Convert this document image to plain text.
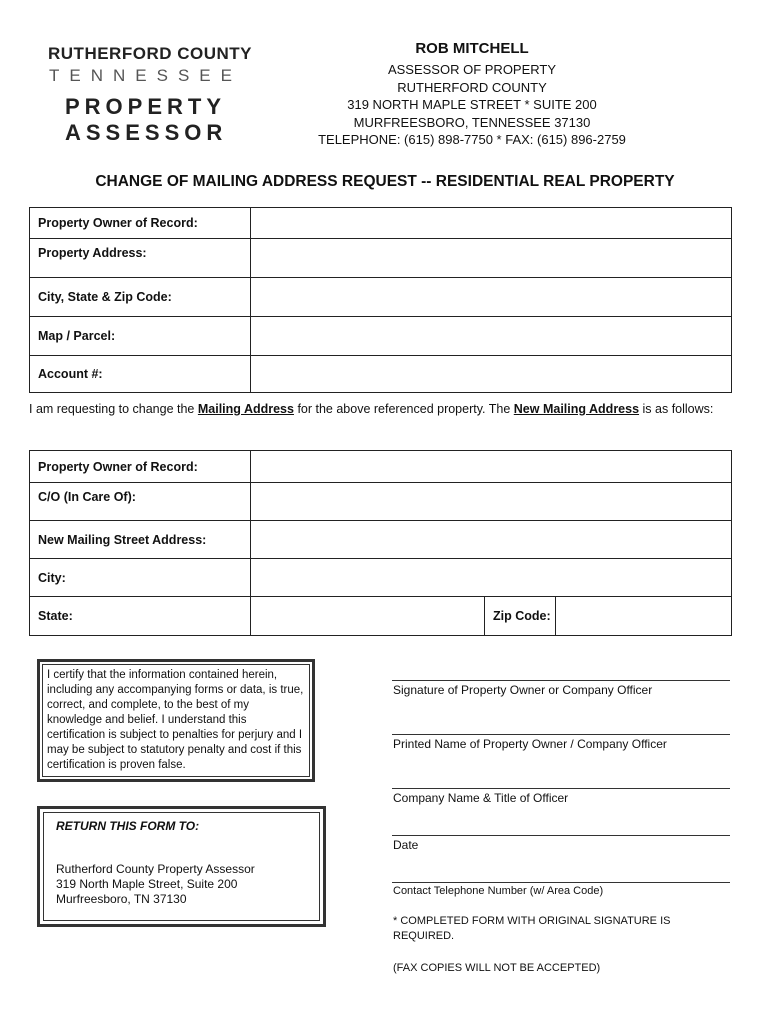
RUTHERFORD COUNTY
TENNESSEE
PROPERTY
ASSESSOR
ROB MITCHELL
ASSESSOR OF PROPERTY
RUTHERFORD COUNTY
319 NORTH MAPLE STREET * SUITE 200
MURFREESBORO, TENNESSEE 37130
TELEPHONE: (615) 898-7750 * FAX: (615) 896-2759
CHANGE OF MAILING ADDRESS REQUEST -- RESIDENTIAL REAL PROPERTY
Property Owner of Record:	
Property Address:	
City, State & Zip Code:	
Map / Parcel:	
Account #:	
I am requesting to change the Mailing Address for the above referenced property. The New Mailing Address is as follows:
Property Owner of Record:			
C/O (In Care Of):			
New Mailing Street Address:			
City:			
State:		Zip Code:	
I certify that the information contained herein, including any accompanying forms or data, is true, correct, and complete, to the best of my knowledge and belief. I understand this certification is subject to penalties for perjury and I may be subject to statutory penalty and cost if this certification is proven false.
RETURN THIS FORM TO:
Rutherford County Property Assessor
319 North Maple Street, Suite 200
Murfreesboro, TN 37130
Signature of Property Owner or Company Officer
Printed Name of Property Owner / Company Officer
Company Name & Title of Officer
Date
Contact Telephone Number (w/ Area Code)
* COMPLETED FORM WITH ORIGINAL SIGNATURE IS REQUIRED.
(FAX COPIES WILL NOT BE ACCEPTED)
